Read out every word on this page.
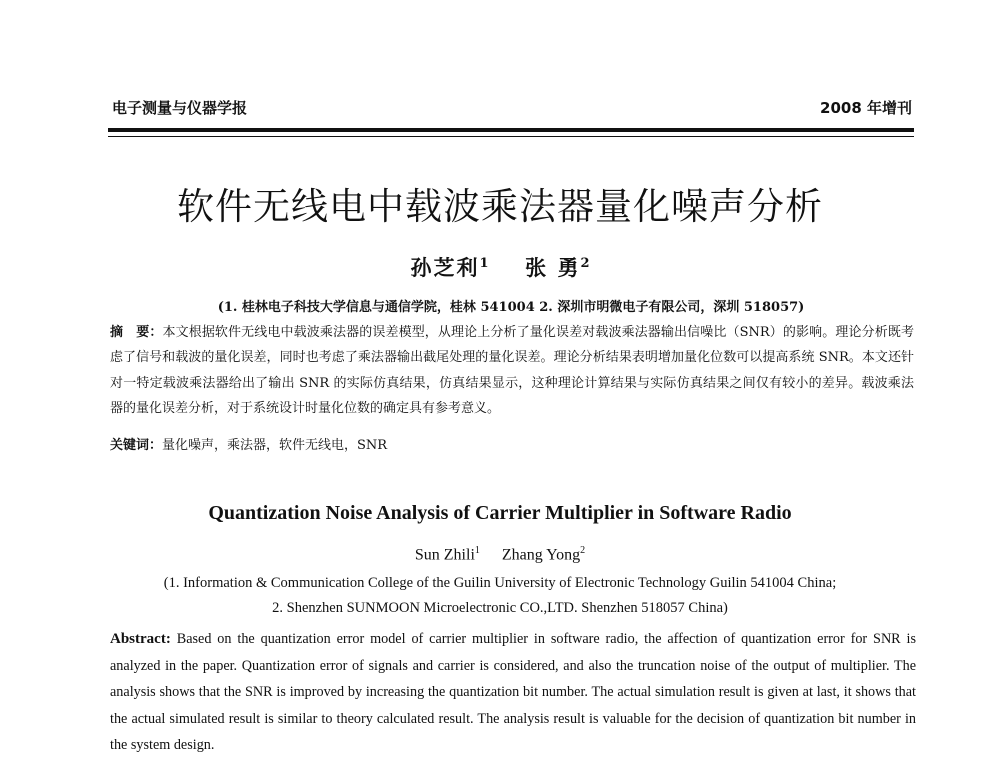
电子测量与仪器学报	2008 年增刊
软件无线电中载波乘法器量化噪声分析
孙芝利$^1$ 张 勇$^2$
(1. 桂林电子科技大学信息与通信学院，桂林 541004 2. 深圳市明微电子有限公司，深圳 518057)
摘　要：本文根据软件无线电中载波乘法器的误差模型，从理论上分析了量化误差对载波乘法器输出信噪比（SNR）的影响。理论分析既考虑了信号和载波的量化误差，同时也考虑了乘法器输出截尾处理的量化误差。理论分析结果表明增加量化位数可以提高系统 SNR。本文还针对一特定载波乘法器给出了输出 SNR 的实际仿真结果，仿真结果显示，这种理论计算结果与实际仿真结果之间仅有较小的差异。载波乘法器的量化误差分析，对于系统设计时量化位数的确定具有参考意义。
关键词：量化噪声，乘法器，软件无线电，SNR
Quantization Noise Analysis of Carrier Multiplier in Software Radio
Sun Zhili$^1$ Zhang Yong$^2$
(1. Information & Communication College of the Guilin University of Electronic Technology Guilin 541004 China;
2. Shenzhen SUNMOON Microelectronic CO.,LTD. Shenzhen 518057 China)
Abstract: Based on the quantization error model of carrier multiplier in software radio, the affection of quantization error for SNR is analyzed in the paper. Quantization error of signals and carrier is considered, and also the truncation noise of the output of multiplier. The analysis shows that the SNR is improved by increasing the quantization bit number. The actual simulation result is given at last, it shows that the actual simulated result is similar to theory calculated result. The analysis result is valuable for the decision of quantization bit number in the system design.
